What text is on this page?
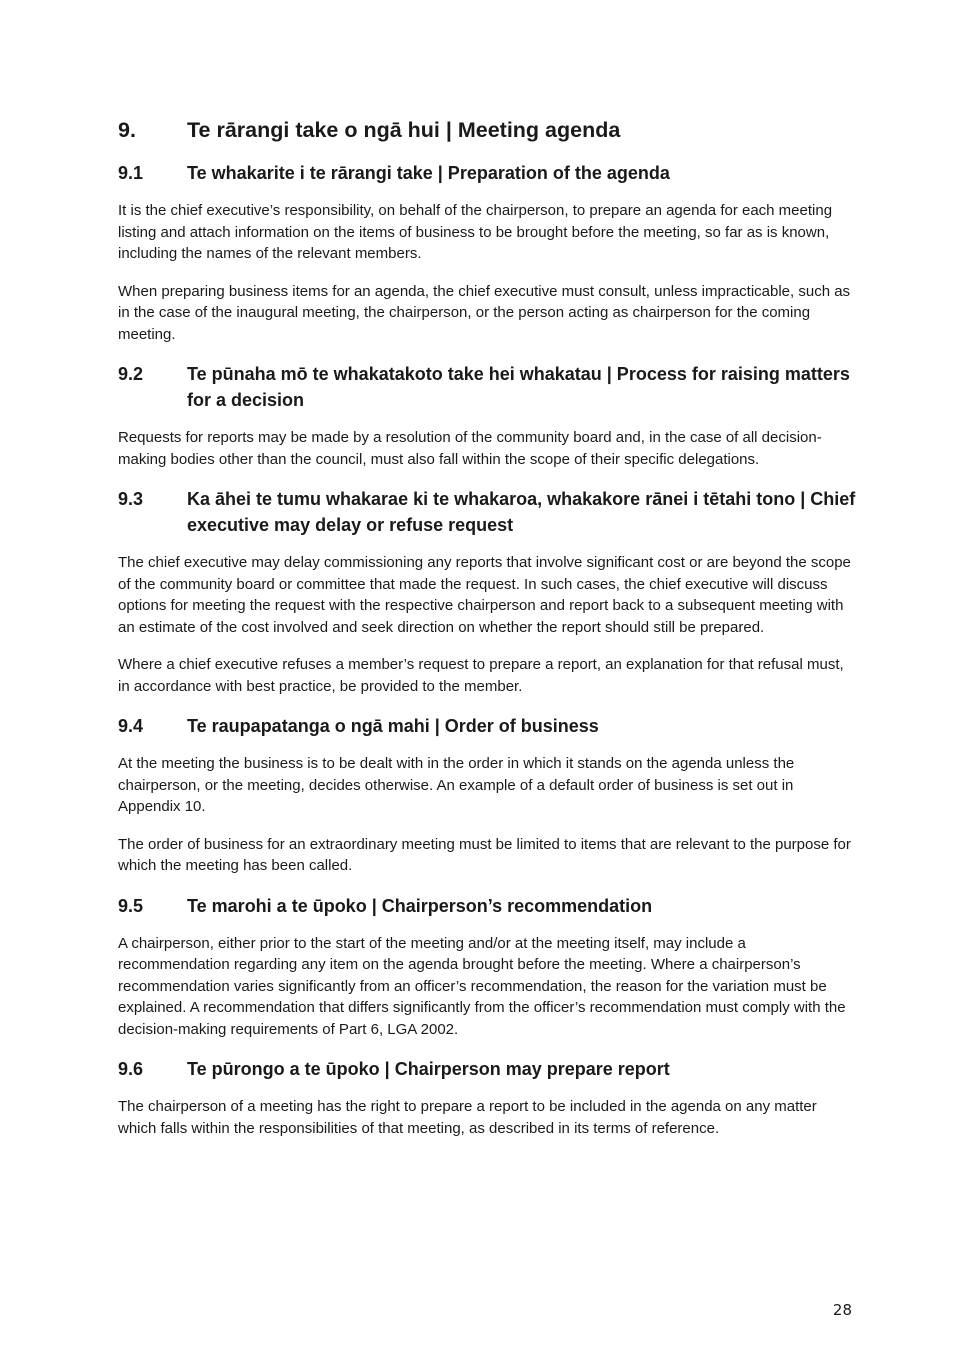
9.	Te rārangi take o ngā hui | Meeting agenda
9.1	Te whakarite i te rārangi take | Preparation of the agenda

It is the chief executive’s responsibility, on behalf of the chairperson, to prepare an agenda for each meeting listing and attach information on the items of business to be brought before the meeting, so far as is known, including the names of the relevant members.

When preparing business items for an agenda, the chief executive must consult, unless impracticable, such as in the case of the inaugural meeting, the chairperson, or the person acting as chairperson for the coming meeting.

9.2	Te pūnaha mō te whakatakoto take hei whakatau | Process for raising matters for a decision

Requests for reports may be made by a resolution of the community board and, in the case of all decision-making bodies other than the council, must also fall within the scope of their specific delegations.

9.3	Ka āhei te tumu whakarae ki te whakaroa, whakakore rānei i tētahi tono | Chief executive may delay or refuse request

The chief executive may delay commissioning any reports that involve significant cost or are beyond the scope of the community board or committee that made the request. In such cases, the chief executive will discuss options for meeting the request with the respective chairperson and report back to a subsequent meeting with an estimate of the cost involved and seek direction on whether the report should still be prepared.

Where a chief executive refuses a member’s request to prepare a report, an explanation for that refusal must, in accordance with best practice, be provided to the member.

9.4	Te raupapatanga o ngā mahi | Order of business

At the meeting the business is to be dealt with in the order in which it stands on the agenda unless the chairperson, or the meeting, decides otherwise. An example of a default order of business is set out in Appendix 10.

The order of business for an extraordinary meeting must be limited to items that are relevant to the purpose for which the meeting has been called.

9.5	Te marohi a te ūpoko | Chairperson’s recommendation

A chairperson, either prior to the start of the meeting and/or at the meeting itself, may include a recommendation regarding any item on the agenda brought before the meeting. Where a chairperson’s recommendation varies significantly from an officer’s recommendation, the reason for the variation must be explained. A recommendation that differs significantly from the officer’s recommendation must comply with the decision-making requirements of Part 6, LGA 2002.

9.6	Te pūrongo a te ūpoko | Chairperson may prepare report

The chairperson of a meeting has the right to prepare a report to be included in the agenda on any matter which falls within the responsibilities of that meeting, as described in its terms of reference.

28
